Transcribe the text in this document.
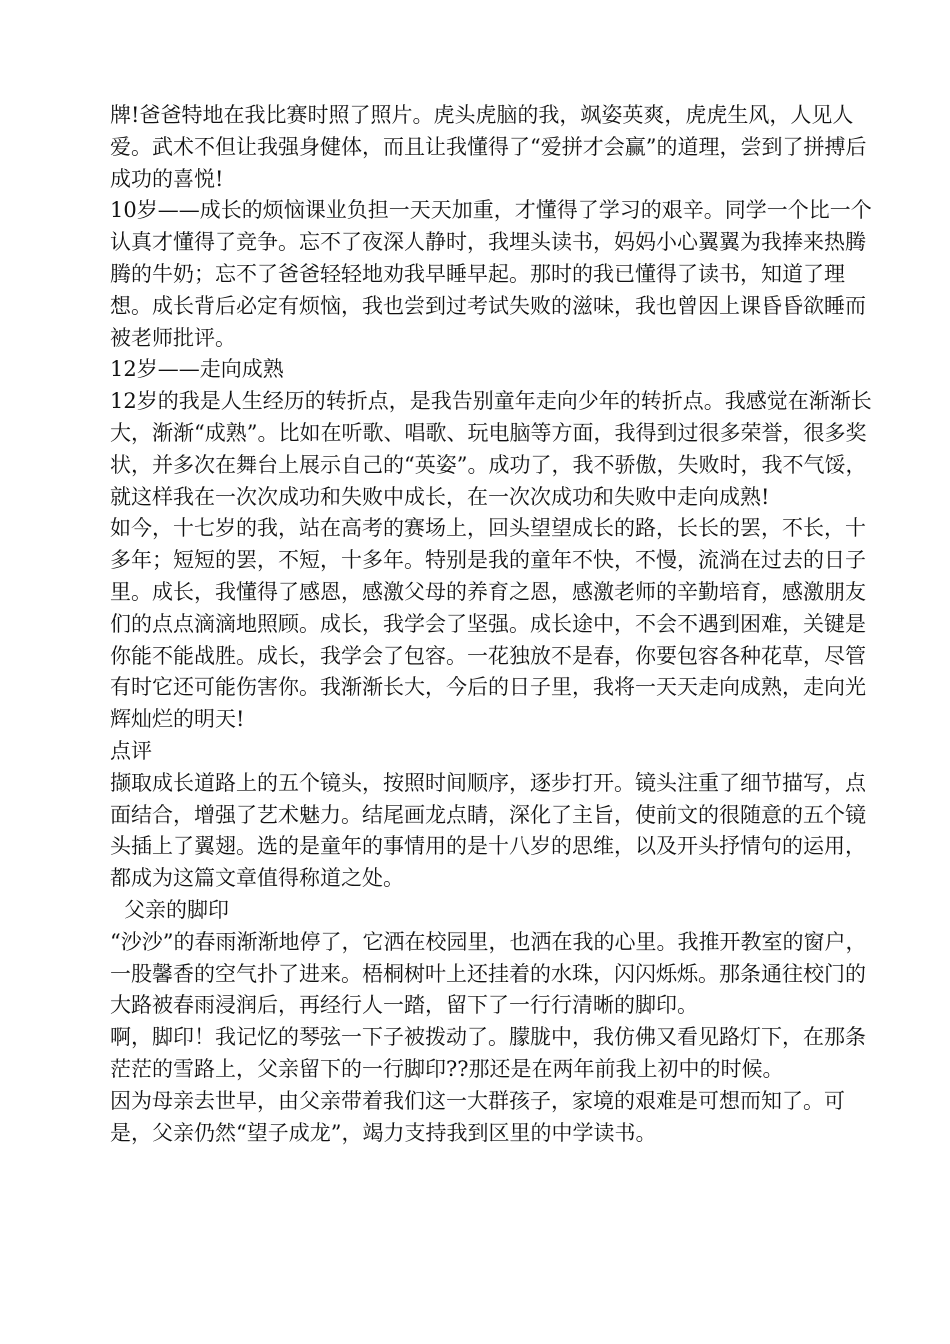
牌!爸爸特地在我比赛时照了照片。虎头虎脑的我，飒姿英爽，虎虎生风，人见人爱。武术不但让我强身健体，而且让我懂得了“爱拼才会赢”的道理，尝到了拼搏后成功的喜悦!

10岁——成长的烦恼课业负担一天天加重，才懂得了学习的艰辛。同学一个比一个认真才懂得了竞争。忘不了夜深人静时，我埋头读书，妈妈小心翼翼为我捧来热腾腾的牛奶；忘不了爸爸轻轻地劝我早睡早起。那时的我已懂得了读书，知道了理想。成长背后必定有烦恼，我也尝到过考试失败的滋味，我也曾因上课昏昏欲睡而被老师批评。

12岁——走向成熟

12岁的我是人生经历的转折点，是我告别童年走向少年的转折点。我感觉在渐渐长大，渐渐“成熟”。比如在听歌、唱歌、玩电脑等方面，我得到过很多荣誉，很多奖状，并多次在舞台上展示自己的“英姿”。成功了，我不骄傲，失败时，我不气馁，就这样我在一次次成功和失败中成长，在一次次成功和失败中走向成熟!

如今，十七岁的我，站在高考的赛场上，回头望望成长的路，长长的罢，不长，十多年；短短的罢，不短，十多年。特别是我的童年不快，不慢，流淌在过去的日子里。成长，我懂得了感恩，感激父母的养育之恩，感激老师的辛勤培育，感激朋友们的点点滴滴地照顾。成长，我学会了坚强。成长途中，不会不遇到困难，关键是你能不能战胜。成长，我学会了包容。一花独放不是春，你要包容各种花草，尽管有时它还可能伤害你。我渐渐长大，今后的日子里，我将一天天走向成熟，走向光辉灿烂的明天!

点评

撷取成长道路上的五个镜头，按照时间顺序，逐步打开。镜头注重了细节描写，点面结合，增强了艺术魅力。结尾画龙点睛，深化了主旨，使前文的很随意的五个镜头插上了翼翅。选的是童年的事情用的是十八岁的思维，以及开头抒情句的运用，都成为这篇文章值得称道之处。

父亲的脚印

“沙沙”的春雨渐渐地停了，它洒在校园里，也洒在我的心里。我推开教室的窗户，一股馨香的空气扑了进来。梧桐树叶上还挂着的水珠，闪闪烁烁。那条通往校门的大路被春雨浸润后，再经行人一踏，留下了一行行清晰的脚印。

啊，脚印！我记忆的琴弦一下子被拨动了。朦胧中，我仿佛又看见路灯下，在那条茫茫的雪路上，父亲留下的一行脚印??那还是在两年前我上初中的时候。

因为母亲去世早，由父亲带着我们这一大群孩子，家境的艰难是可想而知了。可是，父亲仍然“望子成龙”，竭力支持我到区里的中学读书。
